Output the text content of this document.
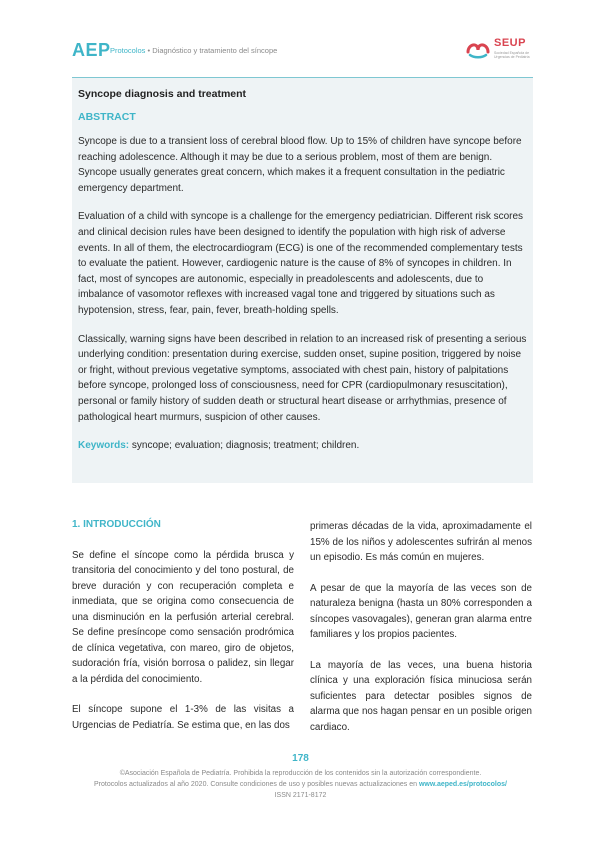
AEP Protocolos • Diagnóstico y tratamiento del síncope
SEUP
Sociedad Española de Urgencias de Pediatría

Syncope diagnosis and treatment

ABSTRACT

Syncope is due to a transient loss of cerebral blood flow. Up to 15% of children have syncope before reaching adolescence. Although it may be due to a serious problem, most of them are benign. Syncope usually generates great concern, which makes it a frequent consultation in the pediatric emergency department.

Evaluation of a child with syncope is a challenge for the emergency pediatrician. Different risk scores and clinical decision rules have been designed to identify the population with high risk of adverse events. In all of them, the electrocardiogram (ECG) is one of the recommended complementary tests to evaluate the patient. However, cardiogenic nature is the cause of 8% of syncopes in children. In fact, most of syncopes are autonomic, especially in preadolescents and adolescents, due to imbalance of vasomotor reflexes with increased vagal tone and triggered by situations such as hypotension, stress, fear, pain, fever, breath-holding spells.

Classically, warning signs have been described in relation to an increased risk of presenting a serious underlying condition: presentation during exercise, sudden onset, supine position, triggered by noise or fright, without previous vegetative symptoms, associated with chest pain, history of palpitations before syncope, prolonged loss of consciousness, need for CPR (cardiopulmonary resuscitation), personal or family history of sudden death or structural heart disease or arrhythmias, presence of pathological heart murmurs, suspicion of other causes.

Keywords: syncope; evaluation; diagnosis; treatment; children.

1. INTRODUCCIÓN

Se define el síncope como la pérdida brusca y transitoria del conocimiento y del tono postural, de breve duración y con recuperación completa e inmediata, que se origina como consecuencia de una disminución en la perfusión arterial cerebral. Se define presíncope como sensación prodrómica de clínica vegetativa, con mareo, giro de objetos, sudoración fría, visión borrosa o palidez, sin llegar a la pérdida del conocimiento.

El síncope supone el 1-3% de las visitas a Urgencias de Pediatría. Se estima que, en las dos

primeras décadas de la vida, aproximadamente el 15% de los niños y adolescentes sufrirán al menos un episodio. Es más común en mujeres.

A pesar de que la mayoría de las veces son de naturaleza benigna (hasta un 80% corresponden a síncopes vasovagales), generan gran alarma entre familiares y los propios pacientes.

La mayoría de las veces, una buena historia clínica y una exploración física minuciosa serán suficientes para detectar posibles signos de alarma que nos hagan pensar en un posible origen cardiaco.

178
©Asociación Española de Pediatría. Prohibida la reproducción de los contenidos sin la autorización correspondiente.
Protocolos actualizados al año 2020. Consulte condiciones de uso y posibles nuevas actualizaciones en www.aeped.es/protocolos/
ISSN 2171-8172
